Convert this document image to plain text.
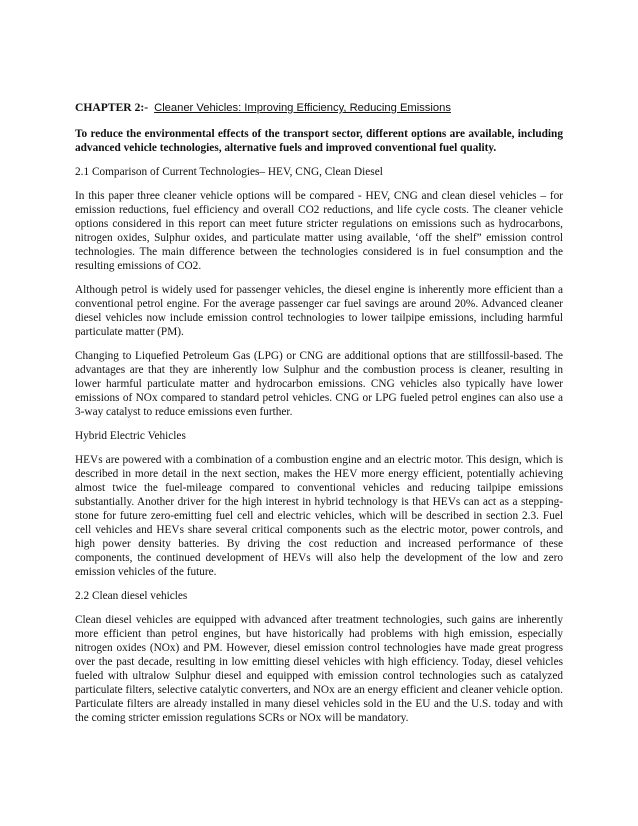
CHAPTER 2:- Cleaner Vehicles: Improving Efficiency, Reducing Emissions

To reduce the environmental effects of the transport sector, different options are available, including advanced vehicle technologies, alternative fuels and improved conventional fuel quality.

2.1 Comparison of Current Technologies– HEV, CNG, Clean Diesel

In this paper three cleaner vehicle options will be compared - HEV, CNG and clean diesel vehicles – for emission reductions, fuel efficiency and overall CO2 reductions, and life cycle costs. The cleaner vehicle options considered in this report can meet future stricter regulations on emissions such as hydrocarbons, nitrogen oxides, Sulphur oxides, and particulate matter using available, ‘off the shelf” emission control technologies. The main difference between the technologies considered is in fuel consumption and the resulting emissions of CO2.

Although petrol is widely used for passenger vehicles, the diesel engine is inherently more efficient than a conventional petrol engine. For the average passenger car fuel savings are around 20%. Advanced cleaner diesel vehicles now include emission control technologies to lower tailpipe emissions, including harmful particulate matter (PM).

Changing to Liquefied Petroleum Gas (LPG) or CNG are additional options that are stillfossil-based. The advantages are that they are inherently low Sulphur and the combustion process is cleaner, resulting in lower harmful particulate matter and hydrocarbon emissions. CNG vehicles also typically have lower emissions of NOx compared to standard petrol vehicles. CNG or LPG fueled petrol engines can also use a 3-way catalyst to reduce emissions even further.

Hybrid Electric Vehicles

HEVs are powered with a combination of a combustion engine and an electric motor. This design, which is described in more detail in the next section, makes the HEV more energy efficient, potentially achieving almost twice the fuel-mileage compared to conventional vehicles and reducing tailpipe emissions substantially. Another driver for the high interest in hybrid technology is that HEVs can act as a stepping-stone for future zero-emitting fuel cell and electric vehicles, which will be described in section 2.3. Fuel cell vehicles and HEVs share several critical components such as the electric motor, power controls, and high power density batteries. By driving the cost reduction and increased performance of these components, the continued development of HEVs will also help the development of the low and zero emission vehicles of the future.

2.2 Clean diesel vehicles

Clean diesel vehicles are equipped with advanced after treatment technologies, such gains are inherently more efficient than petrol engines, but have historically had problems with high emission, especially nitrogen oxides (NOx) and PM. However, diesel emission control technologies have made great progress over the past decade, resulting in low emitting diesel vehicles with high efficiency. Today, diesel vehicles fueled with ultralow Sulphur diesel and equipped with emission control technologies such as catalyzed particulate filters, selective catalytic converters, and NOx are an energy efficient and cleaner vehicle option. Particulate filters are already installed in many diesel vehicles sold in the EU and the U.S. today and with the coming stricter emission regulations SCRs or NOx will be mandatory.
